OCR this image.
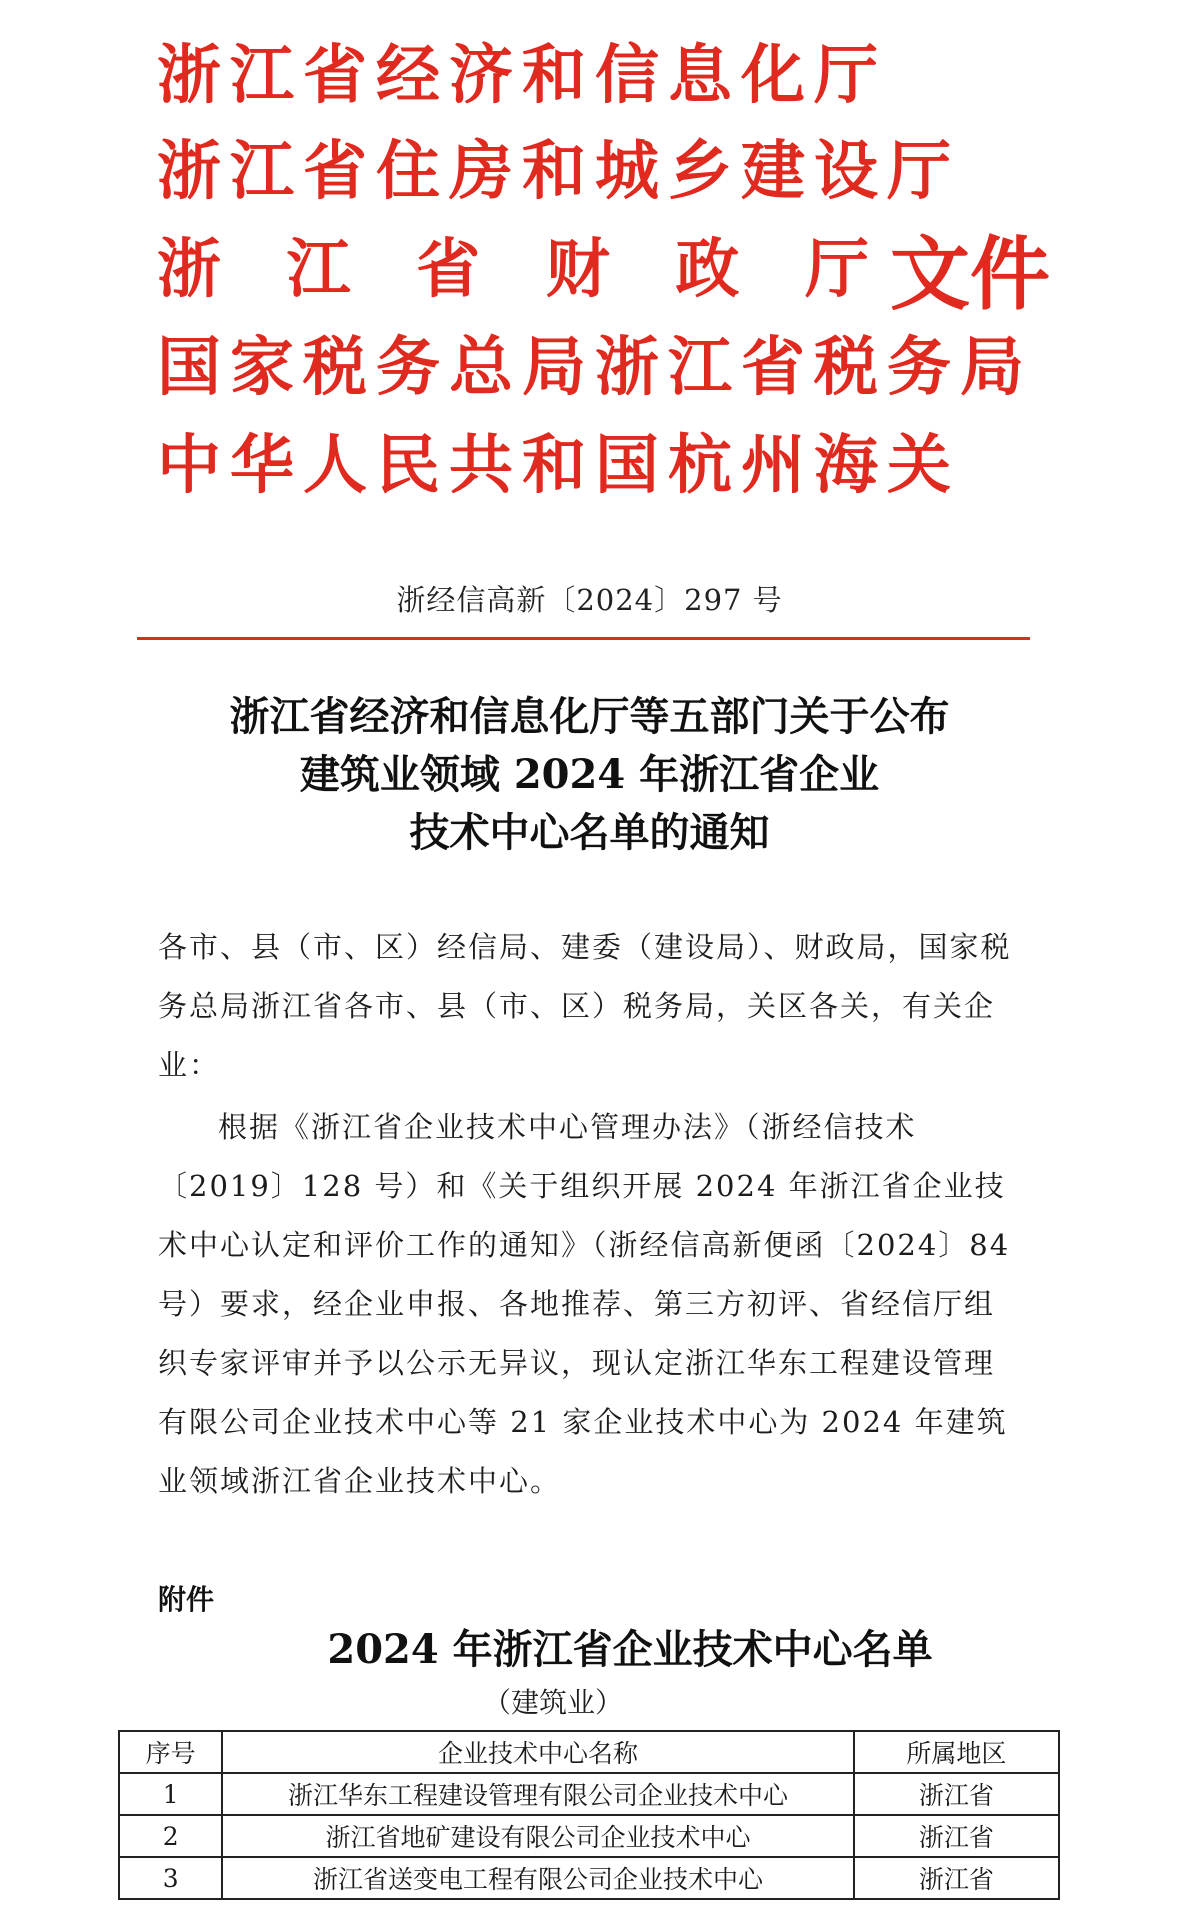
浙江省经济和信息化厅
浙江省住房和城乡建设厅
浙 江 省 财 政 厅 文件
国家税务总局浙江省税务局
中华人民共和国杭州海关
浙经信高新〔2024〕297 号
浙江省经济和信息化厅等五部门关于公布
建筑业领域 2024 年浙江省企业
技术中心名单的通知
各市、县（市、区）经信局、建委（建设局）、财政局，国家税务总局浙江省各市、县（市、区）税务局，关区各关，有关企业：
根据《浙江省企业技术中心管理办法》（浙经信技术〔2019〕128 号）和《关于组织开展 2024 年浙江省企业技术中心认定和评价工作的通知》（浙经信高新便函〔2024〕84 号）要求，经企业申报、各地推荐、第三方初评、省经信厅组织专家评审并予以公示无异议，现认定浙江华东工程建设管理有限公司企业技术中心等 21 家企业技术中心为 2024 年建筑业领域浙江省企业技术中心。
附件
2024 年浙江省企业技术中心名单
（建筑业）
序号	企业技术中心名称	所属地区
1	浙江华东工程建设管理有限公司企业技术中心	浙江省
2	浙江省地矿建设有限公司企业技术中心	浙江省
3	浙江省送变电工程有限公司企业技术中心	浙江省
